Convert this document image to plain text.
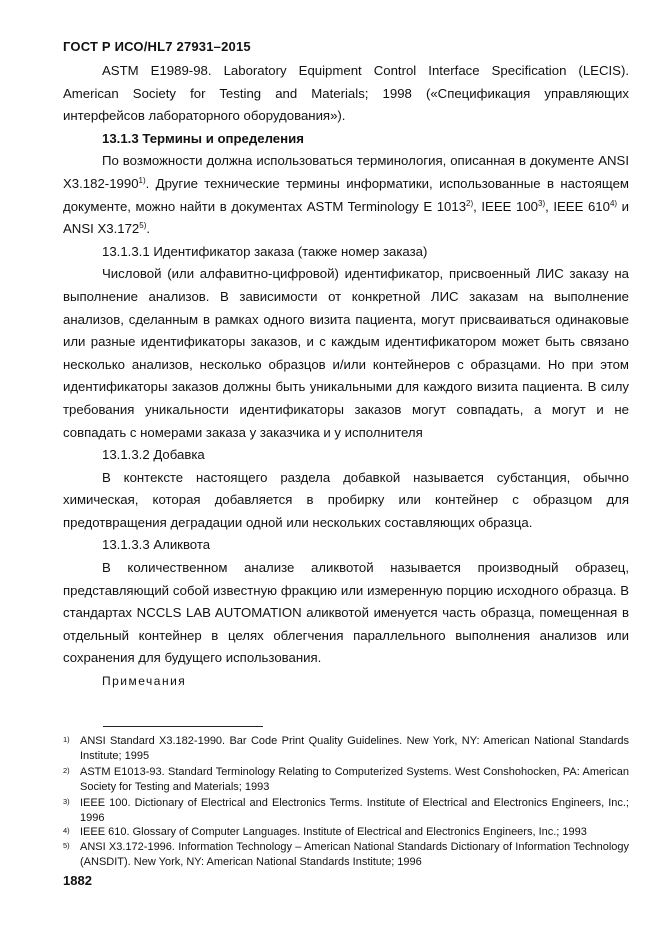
ГОСТ Р ИСО/HL7 27931–2015

ASTM E1989-98. Laboratory Equipment Control Interface Specification (LECIS). American Society for Testing and Materials; 1998 («Спецификация управляющих интерфейсов лабораторного оборудования»).

13.1.3 Термины и определения

По возможности должна использоваться терминология, описанная в документе ANSI X3.182-1990$^{1)}$. Другие технические термины информатики, использованные в настоящем документе, можно найти в документах ASTM Terminology E 1013$^{2)}$, IEEE 100$^{3)}$, IEEE 610$^{4)}$ и ANSI X3.172$^{5)}$.

13.1.3.1 Идентификатор заказа (также номер заказа)

Числовой (или алфавитно-цифровой) идентификатор, присвоенный ЛИС заказу на выполнение анализов. В зависимости от конкретной ЛИС заказам на выполнение анализов, сделанным в рамках одного визита пациента, могут присваиваться одинаковые или разные идентификаторы заказов, и с каждым идентификатором может быть связано несколько анализов, несколько образцов и/или контейнеров с образцами. Но при этом идентификаторы заказов должны быть уникальными для каждого визита пациента. В силу требования уникальности идентификаторы заказов могут совпадать, а могут и не совпадать с номерами заказа у заказчика и у исполнителя

13.1.3.2 Добавка

В контексте настоящего раздела добавкой называется субстанция, обычно химическая, которая добавляется в пробирку или контейнер с образцом для предотвращения деградации одной или нескольких составляющих образца.

13.1.3.3 Аликвота

В количественном анализе аликвотой называется производный образец, представляющий собой известную фракцию или измеренную порцию исходного образца. В стандартах NCCLS LAB AUTOMATION аликвотой именуется часть образца, помещенная в отдельный контейнер в целях облегчения параллельного выполнения анализов или сохранения для будущего использования.

Примечания

1) ANSI Standard X3.182-1990. Bar Code Print Quality Guidelines. New York, NY: American National Standards Institute; 1995
2) ASTM E1013-93. Standard Terminology Relating to Computerized Systems. West Conshohocken, PA: American Society for Testing and Materials; 1993
3) IEEE 100. Dictionary of Electrical and Electronics Terms. Institute of Electrical and Electronics Engineers, Inc.; 1996
4) IEEE 610. Glossary of Computer Languages. Institute of Electrical and Electronics Engineers, Inc.; 1993
5) ANSI X3.172-1996. Information Technology – American National Standards Dictionary of Information Technology (ANSDIT). New York, NY: American National Standards Institute; 1996
1882
